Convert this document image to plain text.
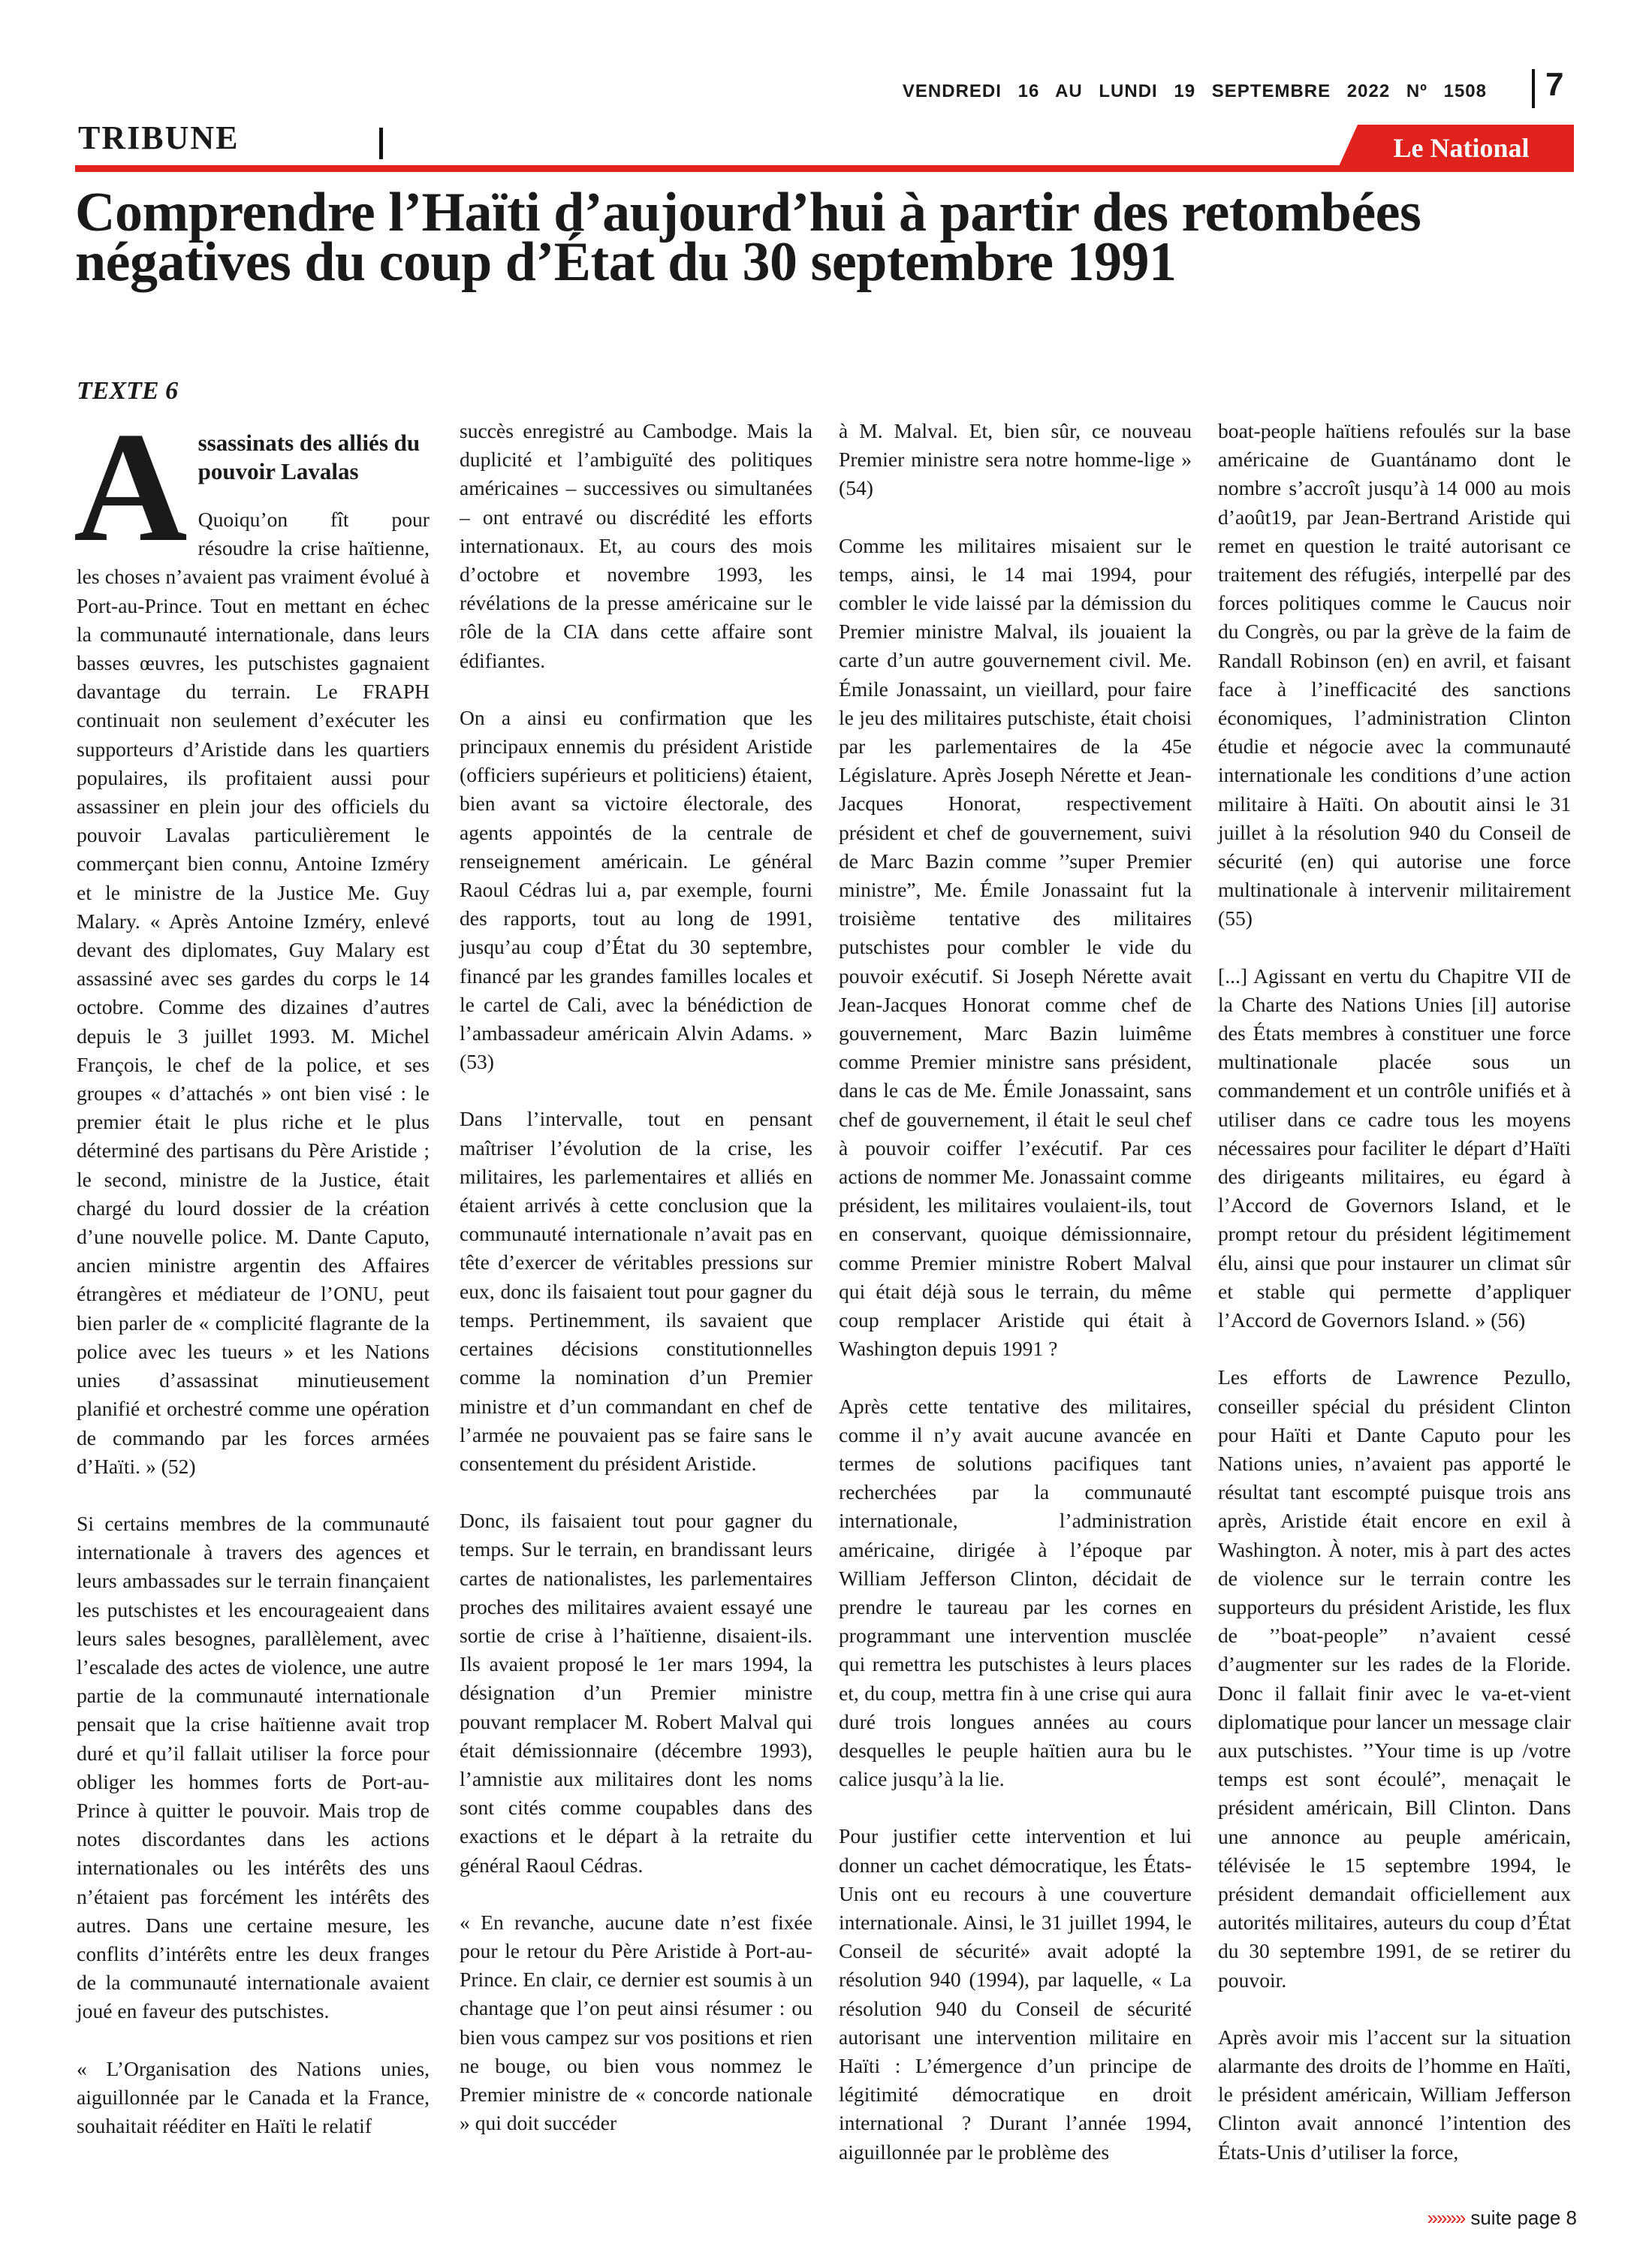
VENDREDI 16 AU LUNDI 19 SEPTEMBRE 2022 Nº 1508 7
TRIBUNE	Le National
Comprendre l’Haïti d’aujourd’hui à partir des retombées négatives du coup d’État du 30 septembre 1991
TEXTE 6
A ssassinats des alliés du pouvoir Lavalas

Quoiqu’on fît pour résoudre la crise haïtienne, les choses n’avaient pas vraiment évolué à Port-au-Prince. Tout en mettant en échec la communauté internationale, dans leurs basses œuvres, les putschistes gagnaient davantage du terrain. Le FRAPH continuait non seulement d’exécuter les supporteurs d’Aristide dans les quartiers populaires, ils profitaient aussi pour assassiner en plein jour des officiels du pouvoir Lavalas particulièrement le commerçant bien connu, Antoine Izméry et le ministre de la Justice Me. Guy Malary. « Après Antoine Izméry, enlevé devant des diplomates, Guy Malary est assassiné avec ses gardes du corps le 14 octobre. Comme des dizaines d’autres depuis le 3 juillet 1993. M. Michel François, le chef de la police, et ses groupes « d’attachés » ont bien visé : le premier était le plus riche et le plus déterminé des partisans du Père Aristide ; le second, ministre de la Justice, était chargé du lourd dossier de la création d’une nouvelle police. M. Dante Caputo, ancien ministre argentin des Affaires étrangères et médiateur de l’ONU, peut bien parler de « complicité flagrante de la police avec les tueurs » et les Nations unies d’assassinat minutieusement planifié et orchestré comme une opération de commando par les forces armées d’Haïti. » (52)

Si certains membres de la communauté internationale à travers des agences et leurs ambassades sur le terrain finançaient les putschistes et les encourageaient dans leurs sales besognes, parallèlement, avec l’escalade des actes de violence, une autre partie de la communauté internationale pensait que la crise haïtienne avait trop duré et qu’il fallait utiliser la force pour obliger les hommes forts de Port-au-Prince à quitter le pouvoir. Mais trop de notes discordantes dans les actions internationales ou les intérêts des uns n’étaient pas forcément les intérêts des autres. Dans une certaine mesure, les conflits d’intérêts entre les deux franges de la communauté internationale avaient joué en faveur des putschistes.

« L’Organisation des Nations unies, aiguillonnée par le Canada et la France, souhaitait rééditer en Haïti le relatif

succès enregistré au Cambodge. Mais la duplicité et l’ambiguïté des politiques américaines – successives ou simultanées – ont entravé ou discrédité les efforts internationaux. Et, au cours des mois d’octobre et novembre 1993, les révélations de la presse américaine sur le rôle de la CIA dans cette affaire sont édifiantes.

On a ainsi eu confirmation que les principaux ennemis du président Aristide (officiers supérieurs et politiciens) étaient, bien avant sa victoire électorale, des agents appointés de la centrale de renseignement américain. Le général Raoul Cédras lui a, par exemple, fourni des rapports, tout au long de 1991, jusqu’au coup d’État du 30 septembre, financé par les grandes familles locales et le cartel de Cali, avec la bénédiction de l’ambassadeur américain Alvin Adams. » (53)

Dans l’intervalle, tout en pensant maîtriser l’évolution de la crise, les militaires, les parlementaires et alliés en étaient arrivés à cette conclusion que la communauté internationale n’avait pas en tête d’exercer de véritables pressions sur eux, donc ils faisaient tout pour gagner du temps. Pertinemment, ils savaient que certaines décisions constitutionnelles comme la nomination d’un Premier ministre et d’un commandant en chef de l’armée ne pouvaient pas se faire sans le consentement du président Aristide.

Donc, ils faisaient tout pour gagner du temps. Sur le terrain, en brandissant leurs cartes de nationalistes, les parlementaires proches des militaires avaient essayé une sortie de crise à l’haïtienne, disaient-ils. Ils avaient proposé le 1er mars 1994, la désignation d’un Premier ministre pouvant remplacer M. Robert Malval qui était démissionnaire (décembre 1993), l’amnistie aux militaires dont les noms sont cités comme coupables dans des exactions et le départ à la retraite du général Raoul Cédras.

« En revanche, aucune date n’est fixée pour le retour du Père Aristide à Port-au-Prince. En clair, ce dernier est soumis à un chantage que l’on peut ainsi résumer : ou bien vous campez sur vos positions et rien ne bouge, ou bien vous nommez le Premier ministre de « concorde nationale » qui doit succéder

à M. Malval. Et, bien sûr, ce nouveau Premier ministre sera notre homme-lige » (54)

Comme les militaires misaient sur le temps, ainsi, le 14 mai 1994, pour combler le vide laissé par la démission du Premier ministre Malval, ils jouaient la carte d’un autre gouvernement civil. Me. Émile Jonassaint, un vieillard, pour faire le jeu des militaires putschiste, était choisi par les parlementaires de la 45e Législature. Après Joseph Nérette et Jean-Jacques Honorat, respectivement président et chef de gouvernement, suivi de Marc Bazin comme ’’super Premier ministre”, Me. Émile Jonassaint fut la troisième tentative des militaires putschistes pour combler le vide du pouvoir exécutif. Si Joseph Nérette avait Jean-Jacques Honorat comme chef de gouvernement, Marc Bazin luimême comme Premier ministre sans président, dans le cas de Me. Émile Jonassaint, sans chef de gouvernement, il était le seul chef à pouvoir coiffer l’exécutif. Par ces actions de nommer Me. Jonassaint comme président, les militaires voulaient-ils, tout en conservant, quoique démissionnaire, comme Premier ministre Robert Malval qui était déjà sous le terrain, du même coup remplacer Aristide qui était à Washington depuis 1991 ?

Après cette tentative des militaires, comme il n’y avait aucune avancée en termes de solutions pacifiques tant recherchées par la communauté internationale, l’administration américaine, dirigée à l’époque par William Jefferson Clinton, décidait de prendre le taureau par les cornes en programmant une intervention musclée qui remettra les putschistes à leurs places et, du coup, mettra fin à une crise qui aura duré trois longues années au cours desquelles le peuple haïtien aura bu le calice jusqu’à la lie.

Pour justifier cette intervention et lui donner un cachet démocratique, les États-Unis ont eu recours à une couverture internationale. Ainsi, le 31 juillet 1994, le Conseil de sécurité» avait adopté la résolution 940 (1994), par laquelle, « La résolution 940 du Conseil de sécurité autorisant une intervention militaire en Haïti : L’émergence d’un principe de légitimité démocratique en droit international ? Durant l’année 1994, aiguillonnée par le problème des

boat-people haïtiens refoulés sur la base américaine de Guantánamo dont le nombre s’accroît jusqu’à 14 000 au mois d’août19, par Jean-Bertrand Aristide qui remet en question le traité autorisant ce traitement des réfugiés, interpellé par des forces politiques comme le Caucus noir du Congrès, ou par la grève de la faim de Randall Robinson (en) en avril, et faisant face à l’inefficacité des sanctions économiques, l’administration Clinton étudie et négocie avec la communauté internationale les conditions d’une action militaire à Haïti. On aboutit ainsi le 31 juillet à la résolution 940 du Conseil de sécurité (en) qui autorise une force multinationale à intervenir militairement (55)

[...] Agissant en vertu du Chapitre VII de la Charte des Nations Unies [il] autorise des États membres à constituer une force multinationale placée sous un commandement et un contrôle unifiés et à utiliser dans ce cadre tous les moyens nécessaires pour faciliter le départ d’Haïti des dirigeants militaires, eu égard à l’Accord de Governors Island, et le prompt retour du président légitimement élu, ainsi que pour instaurer un climat sûr et stable qui permette d’appliquer l’Accord de Governors Island. » (56)

Les efforts de Lawrence Pezullo, conseiller spécial du président Clinton pour Haïti et Dante Caputo pour les Nations unies, n’avaient pas apporté le résultat tant escompté puisque trois ans après, Aristide était encore en exil à Washington. À noter, mis à part des actes de violence sur le terrain contre les supporteurs du président Aristide, les flux de ’’boat-people” n’avaient cessé d’augmenter sur les rades de la Floride. Donc il fallait finir avec le va-et-vient diplomatique pour lancer un message clair aux putschistes. ’’Your time is up /votre temps est sont écoulé”, menaçait le président américain, Bill Clinton. Dans une annonce au peuple américain, télévisée le 15 septembre 1994, le président demandait officiellement aux autorités militaires, auteurs du coup d’État du 30 septembre 1991, de se retirer du pouvoir.

Après avoir mis l’accent sur la situation alarmante des droits de l’homme en Haïti, le président américain, William Jefferson Clinton avait annoncé l’intention des États-Unis d’utiliser la force,

»»»» suite page 8
